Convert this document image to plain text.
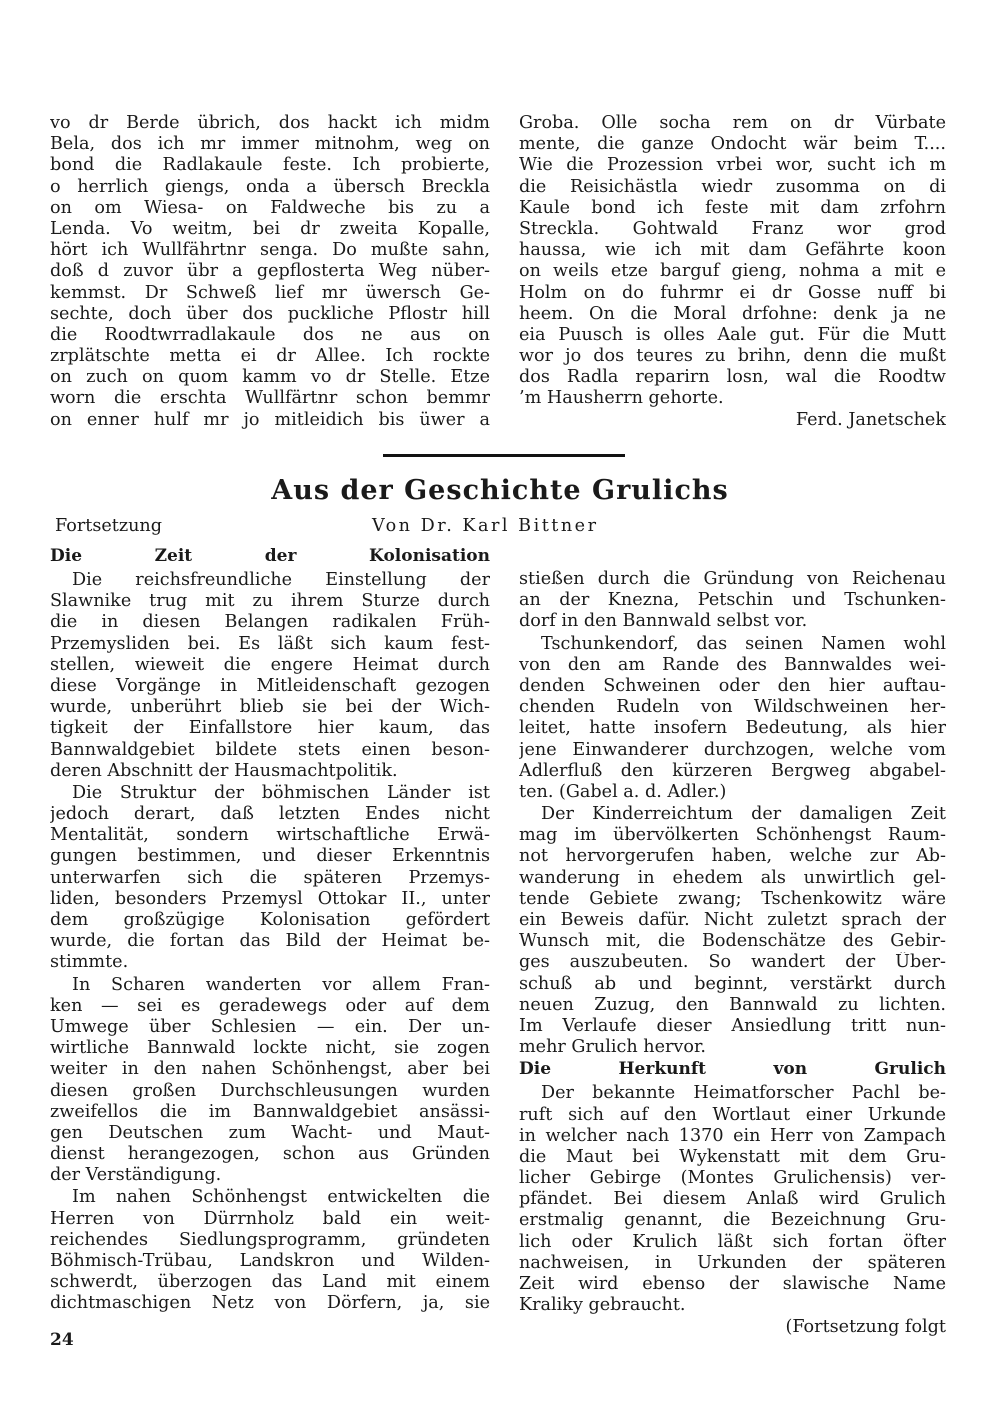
vo dr Berde übrich, dos hackt ich midm
Bela, dos ich mr immer mitnohm, weg on
bond die Radlakaule feste. Ich probierte,
o herrlich giengs, onda a übersch Breckla
on om Wiesa- on Faldweche bis zu a
Lenda. Vo weitm, bei dr zweita Kopalle,
hört ich Wullfährtnr senga. Do mußte sahn,
doß d zuvor übr a gepflosterta Weg nüber-
kemmst. Dr Schweß lief mr üwersch Ge-
sechte, doch über dos puckliche Pflostr hill
die Roodtwrradlakaule dos ne aus on
zrplätschte metta ei dr Allee. Ich rockte
on zuch on quom kamm vo dr Stelle. Etze
worn die erschta Wullfärtnr schon bemmr
on enner hulf mr jo mitleidich bis üwer a
Groba. Olle socha rem on dr Vürbate
mente, die ganze Ondocht wär beim T....
Wie die Prozession vrbei wor, sucht ich m
die Reisichästla wiedr zusomma on di
Kaule bond ich feste mit dam zrfohrn
Streckla. Gohtwald Franz wor grod
haussa, wie ich mit dam Gefährte koon
on weils etze barguf gieng, nohma a mit e
Holm on do fuhrmr ei dr Gosse nuff bi
heem. On die Moral drfohne: denk ja ne
eia Puusch is olles Aale gut. Für die Mutt
wor jo dos teures zu brihn, denn die mußt
dos Radla reparirn losn, wal die Roodtw
’m Hausherrn gehorte.
Ferd. Janetschek
Aus der Geschichte Grulichs
Fortsetzung	Von Dr. Karl Bittner
Die Zeit der Kolonisation
Die reichsfreundliche Einstellung der
Slawnike trug mit zu ihrem Sturze durch
die in diesen Belangen radikalen Früh-
Przemysliden bei. Es läßt sich kaum fest-
stellen, wieweit die engere Heimat durch
diese Vorgänge in Mitleidenschaft gezogen
wurde, unberührt blieb sie bei der Wich-
tigkeit der Einfallstore hier kaum, das
Bannwaldgebiet bildete stets einen beson-
deren Abschnitt der Hausmachtpolitik.
Die Struktur der böhmischen Länder ist
jedoch derart, daß letzten Endes nicht
Mentalität, sondern wirtschaftliche Erwä-
gungen bestimmen, und dieser Erkenntnis
unterwarfen sich die späteren Przemys-
liden, besonders Przemysl Ottokar II., unter
dem großzügige Kolonisation gefördert
wurde, die fortan das Bild der Heimat be-
stimmte.
In Scharen wanderten vor allem Fran-
ken — sei es geradewegs oder auf dem
Umwege über Schlesien — ein. Der un-
wirtliche Bannwald lockte nicht, sie zogen
weiter in den nahen Schönhengst, aber bei
diesen großen Durchschleusungen wurden
zweifellos die im Bannwaldgebiet ansässi-
gen Deutschen zum Wacht- und Maut-
dienst herangezogen, schon aus Gründen
der Verständigung.
Im nahen Schönhengst entwickelten die
Herren von Dürrnholz bald ein weit-
reichendes Siedlungsprogramm, gründeten
Böhmisch-Trübau, Landskron und Wilden-
schwerdt, überzogen das Land mit einem
dichtmaschigen Netz von Dörfern, ja, sie
stießen durch die Gründung von Reichenau
an der Knezna, Petschin und Tschunken-
dorf in den Bannwald selbst vor.
Tschunkendorf, das seinen Namen wohl
von den am Rande des Bannwaldes wei-
denden Schweinen oder den hier auftau-
chenden Rudeln von Wildschweinen her-
leitet, hatte insofern Bedeutung, als hier
jene Einwanderer durchzogen, welche vom
Adlerfluß den kürzeren Bergweg abgabel-
ten. (Gabel a. d. Adler.)
Der Kinderreichtum der damaligen Zeit
mag im übervölkerten Schönhengst Raum-
not hervorgerufen haben, welche zur Ab-
wanderung in ehedem als unwirtlich gel-
tende Gebiete zwang; Tschenkowitz wäre
ein Beweis dafür. Nicht zuletzt sprach der
Wunsch mit, die Bodenschätze des Gebir-
ges auszubeuten. So wandert der Über-
schuß ab und beginnt, verstärkt durch
neuen Zuzug, den Bannwald zu lichten.
Im Verlaufe dieser Ansiedlung tritt nun-
mehr Grulich hervor.
Die Herkunft von Grulich
Der bekannte Heimatforscher Pachl be-
ruft sich auf den Wortlaut einer Urkunde
in welcher nach 1370 ein Herr von Zampach
die Maut bei Wykenstatt mit dem Gru-
licher Gebirge (Montes Grulichensis) ver-
pfändet. Bei diesem Anlaß wird Grulich
erstmalig genannt, die Bezeichnung Gru-
lich oder Krulich läßt sich fortan öfter
nachweisen, in Urkunden der späteren
Zeit wird ebenso der slawische Name
Kraliky gebraucht.
(Fortsetzung folgt
24
